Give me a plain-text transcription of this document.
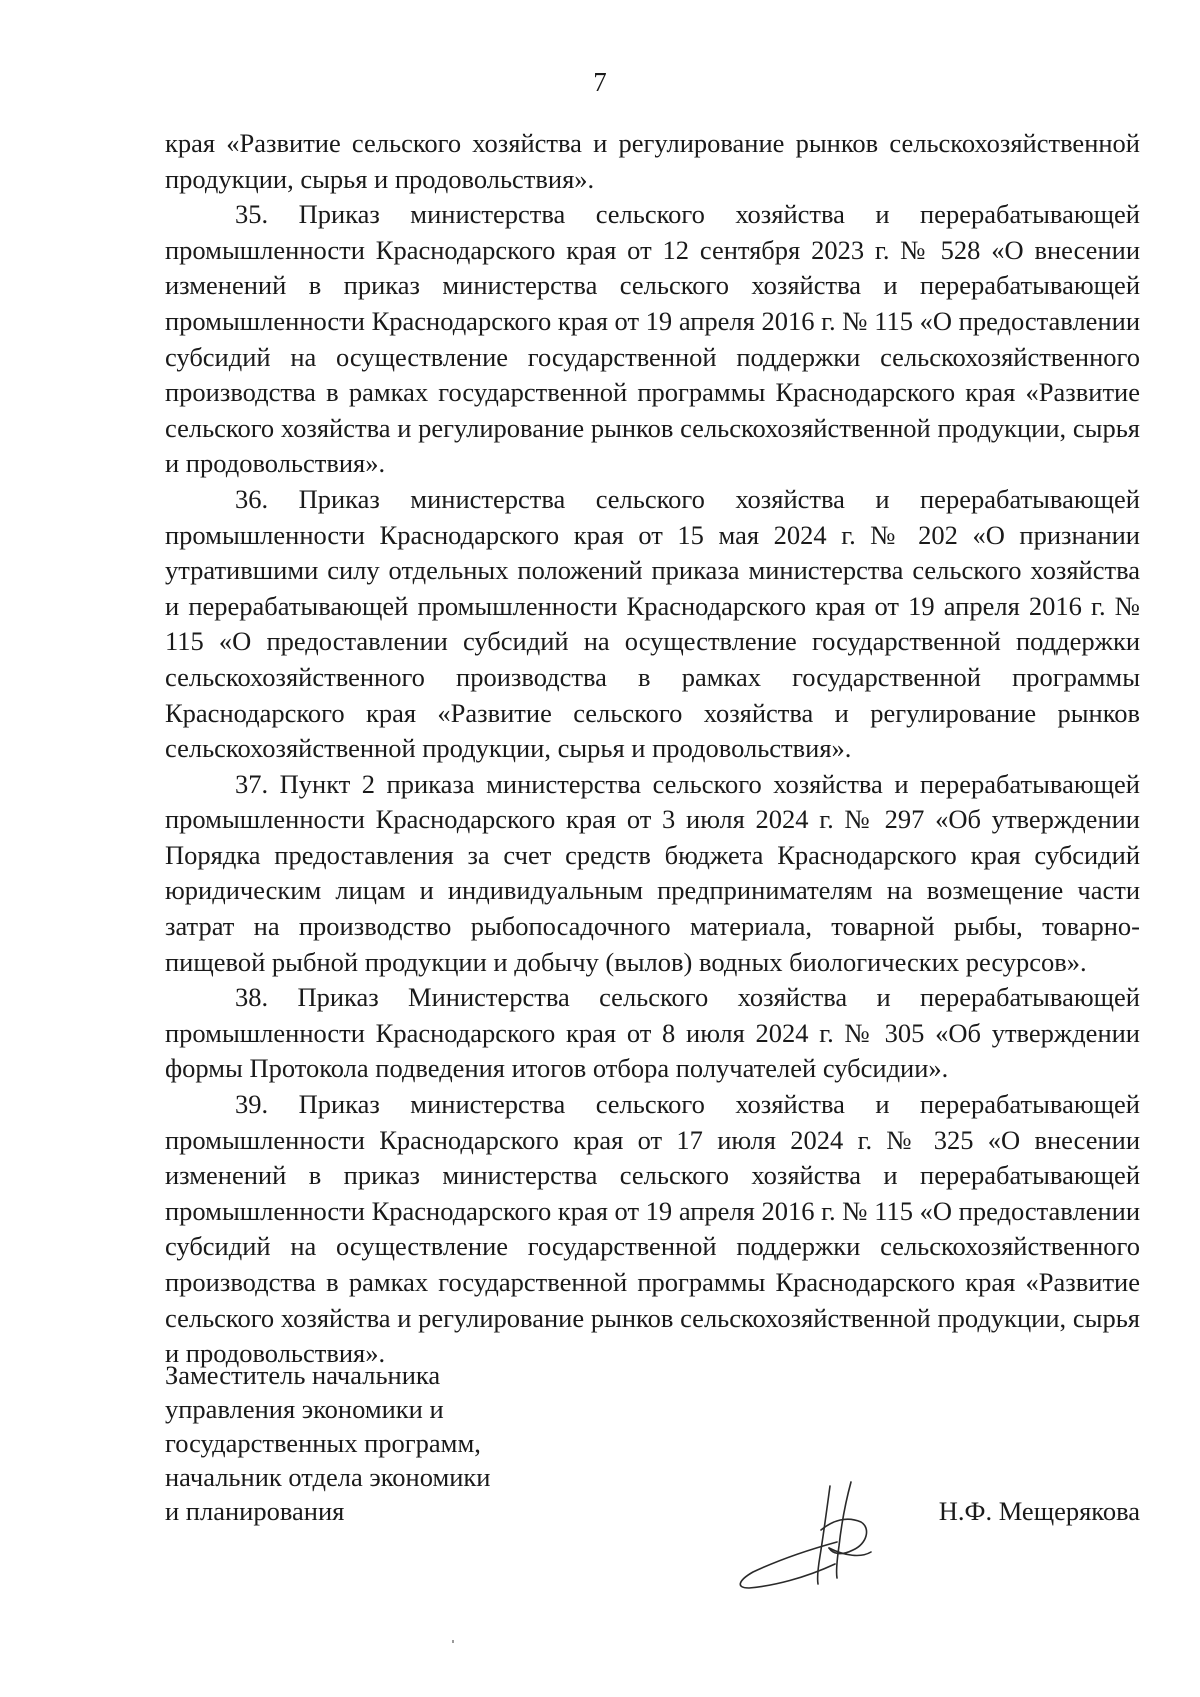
7

края «Развитие сельского хозяйства и регулирование рынков сельскохозяйственной продукции, сырья и продовольствия».

35. Приказ министерства сельского хозяйства и перерабатывающей промышленности Краснодарского края от 12 сентября 2023 г. № 528 «О внесении изменений в приказ министерства сельского хозяйства и перерабатывающей промышленности Краснодарского края от 19 апреля 2016 г. № 115 «О предоставлении субсидий на осуществление государственной поддержки сельскохозяйственного производства в рамках государственной программы Краснодарского края «Развитие сельского хозяйства и регулирование рынков сельскохозяйственной продукции, сырья и продовольствия».

36. Приказ министерства сельского хозяйства и перерабатывающей промышленности Краснодарского края от 15 мая 2024 г. № 202 «О признании утратившими силу отдельных положений приказа министерства сельского хозяйства и перерабатывающей промышленности Краснодарского края от 19 апреля 2016 г. № 115 «О предоставлении субсидий на осуществление государственной поддержки сельскохозяйственного производства в рамках государственной программы Краснодарского края «Развитие сельского хозяйства и регулирование рынков сельскохозяйственной продукции, сырья и продовольствия».

37. Пункт 2 приказа министерства сельского хозяйства и перерабатывающей промышленности Краснодарского края от 3 июля 2024 г. № 297 «Об утверждении Порядка предоставления за счет средств бюджета Краснодарского края субсидий юридическим лицам и индивидуальным предпринимателям на возмещение части затрат на производство рыбопосадочного материала, товарной рыбы, товарно-пищевой рыбной продукции и добычу (вылов) водных биологических ресурсов».

38. Приказ Министерства сельского хозяйства и перерабатывающей промышленности Краснодарского края от 8 июля 2024 г. № 305 «Об утверждении формы Протокола подведения итогов отбора получателей субсидии».

39. Приказ министерства сельского хозяйства и перерабатывающей промышленности Краснодарского края от 17 июля 2024 г. № 325 «О внесении изменений в приказ министерства сельского хозяйства и перерабатывающей промышленности Краснодарского края от 19 апреля 2016 г. № 115 «О предоставлении субсидий на осуществление государственной поддержки сельскохозяйственного производства в рамках государственной программы Краснодарского края «Развитие сельского хозяйства и регулирование рынков сельскохозяйственной продукции, сырья и продовольствия».

Заместитель начальника
управления экономики и
государственных программ,
начальник отдела экономики
и планирования	Н.Ф. Мещерякова
